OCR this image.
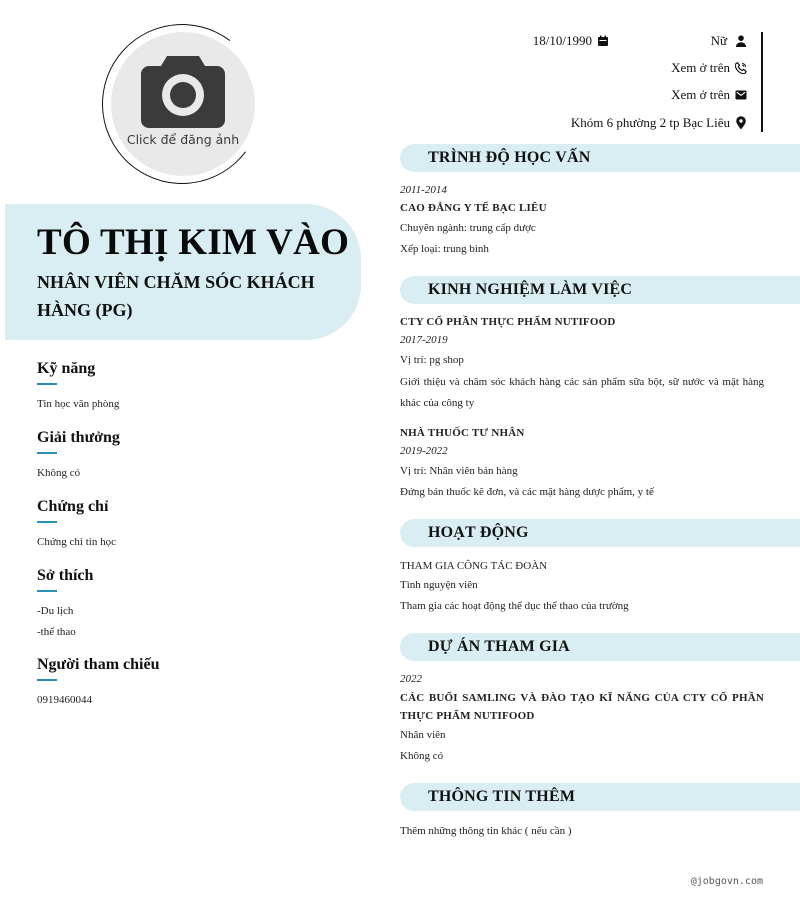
Click để đăng ảnh
TÔ THỊ KIM VÀO
NHÂN VIÊN CHĂM SÓC KHÁCH HÀNG (PG)
Kỹ năng
Tin học văn phòng
Giải thưởng
Không có
Chứng chỉ
Chứng chỉ tin học
Sở thích
-Du lịch
-thể thao
Người tham chiếu
0919460044
18/10/1990	Nữ
Xem ở trên
Xem ở trên
Khóm 6 phường 2 tp Bạc Liêu
TRÌNH ĐỘ HỌC VẤN
2011-2014
CAO ĐẲNG Y TẾ BẠC LIÊU
Chuyên ngành: trung cấp dược
Xếp loại: trung bình
KINH NGHIỆM LÀM VIỆC
CTY CỔ PHẦN THỰC PHẨM NUTIFOOD
2017-2019
Vị trí: pg shop
Giới thiệu và chăm sóc khách hàng các sản phẩm sữa bột, sữ nước và mặt hàng khác của công ty
NHÀ THUỐC TƯ NHÂN
2019-2022
Vị trí: Nhân viên bán hàng
Đứng bán thuốc kê đơn, và các mặt hàng dược phẩm, y tế
HOẠT ĐỘNG
THAM GIA CÔNG TÁC ĐOÀN
Tình nguyện viên
Tham gia các hoạt động thể dục thể thao của trường
DỰ ÁN THAM GIA
2022
CÁC BUỔI SAMLING VÀ ĐÀO TẠO KĨ NĂNG CỦA CTY CỔ PHẦN THỰC PHẨM NUTIFOOD
Nhân viên
Không có
THÔNG TIN THÊM
Thêm những thông tin khác ( nếu cần )
@jobgovn.com
